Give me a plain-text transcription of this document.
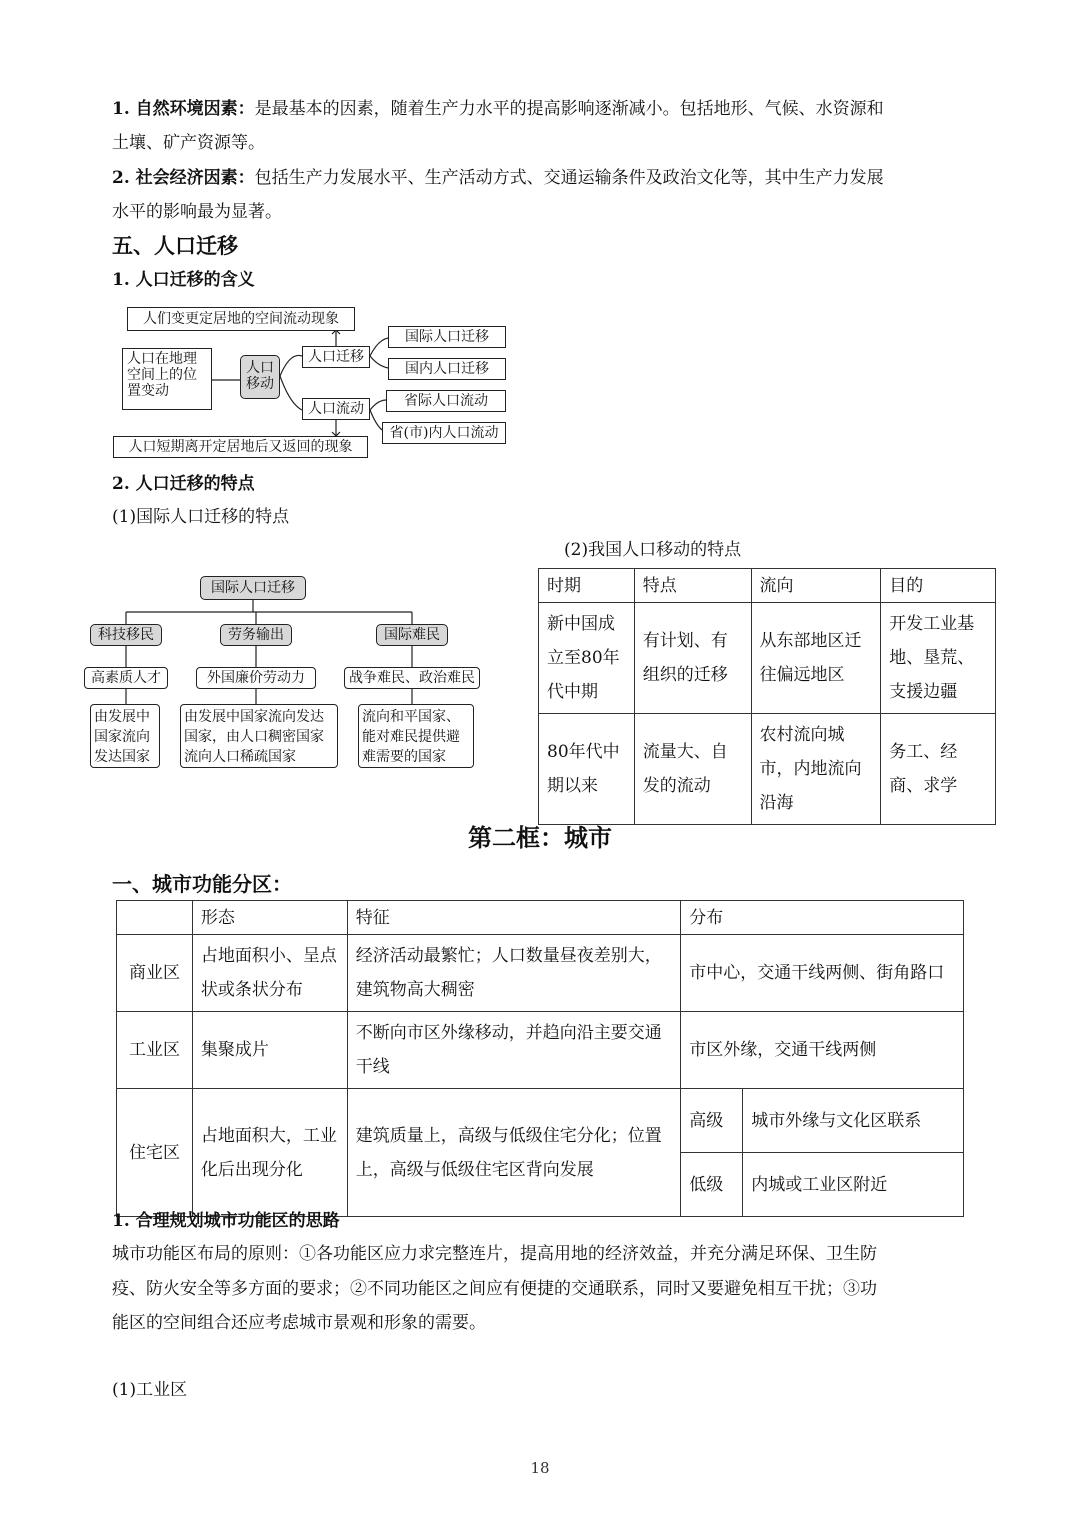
1. 自然环境因素：是最基本的因素，随着生产力水平的提高影响逐渐减小。包括地形、气候、水资源和
土壤、矿产资源等。
2. 社会经济因素：包括生产力发展水平、生产活动方式、交通运输条件及政治文化等，其中生产力发展
水平的影响最为显著。
五、人口迁移
1. 人口迁移的含义
人们变更定居地的空间流动现象
人口在地理空间上的位置变动
人口移动
人口迁移
人口流动
国际人口迁移
国内人口迁移
省际人口流动
省(市)内人口流动
人口短期离开定居地后又返回的现象
2. 人口迁移的特点
(1)国际人口迁移的特点
国际人口迁移
科技移民	劳务输出	国际难民
高素质人才	外国廉价劳动力	战争难民、政治难民
由发展中国家流向发达国家
由发展中国家流向发达国家，由人口稠密国家流向人口稀疏国家
流向和平国家、能对难民提供避难需要的国家
(2)我国人口移动的特点
时期	特点	流向	目的
新中国成立至80年代中期	有计划、有组织的迁移	从东部地区迁往偏远地区	开发工业基地、垦荒、支援边疆
80年代中期以来	流量大、自发的流动	农村流向城市，内地流向沿海	务工、经商、求学
第二框：城市
一、城市功能分区：
	形态	特征	分布	
商业区	占地面积小、呈点状或条状分布	经济活动最繁忙；人口数量昼夜差别大，建筑物高大稠密	市中心，交通干线两侧、街角路口	
工业区	集聚成片	不断向市区外缘移动，并趋向沿主要交通干线	市区外缘，交通干线两侧	
住宅区	占地面积大，工业化后出现分化	建筑质量上，高级与低级住宅分化；位置上，高级与低级住宅区背向发展	高级	城市外缘与文化区联系
			低级	内城或工业区附近
1. 合理规划城市功能区的思路
城市功能区布局的原则：①各功能区应力求完整连片，提高用地的经济效益，并充分满足环保、卫生防
疫、防火安全等多方面的要求；②不同功能区之间应有便捷的交通联系，同时又要避免相互干扰；③功
能区的空间组合还应考虑城市景观和形象的需要。
(1)工业区
18
